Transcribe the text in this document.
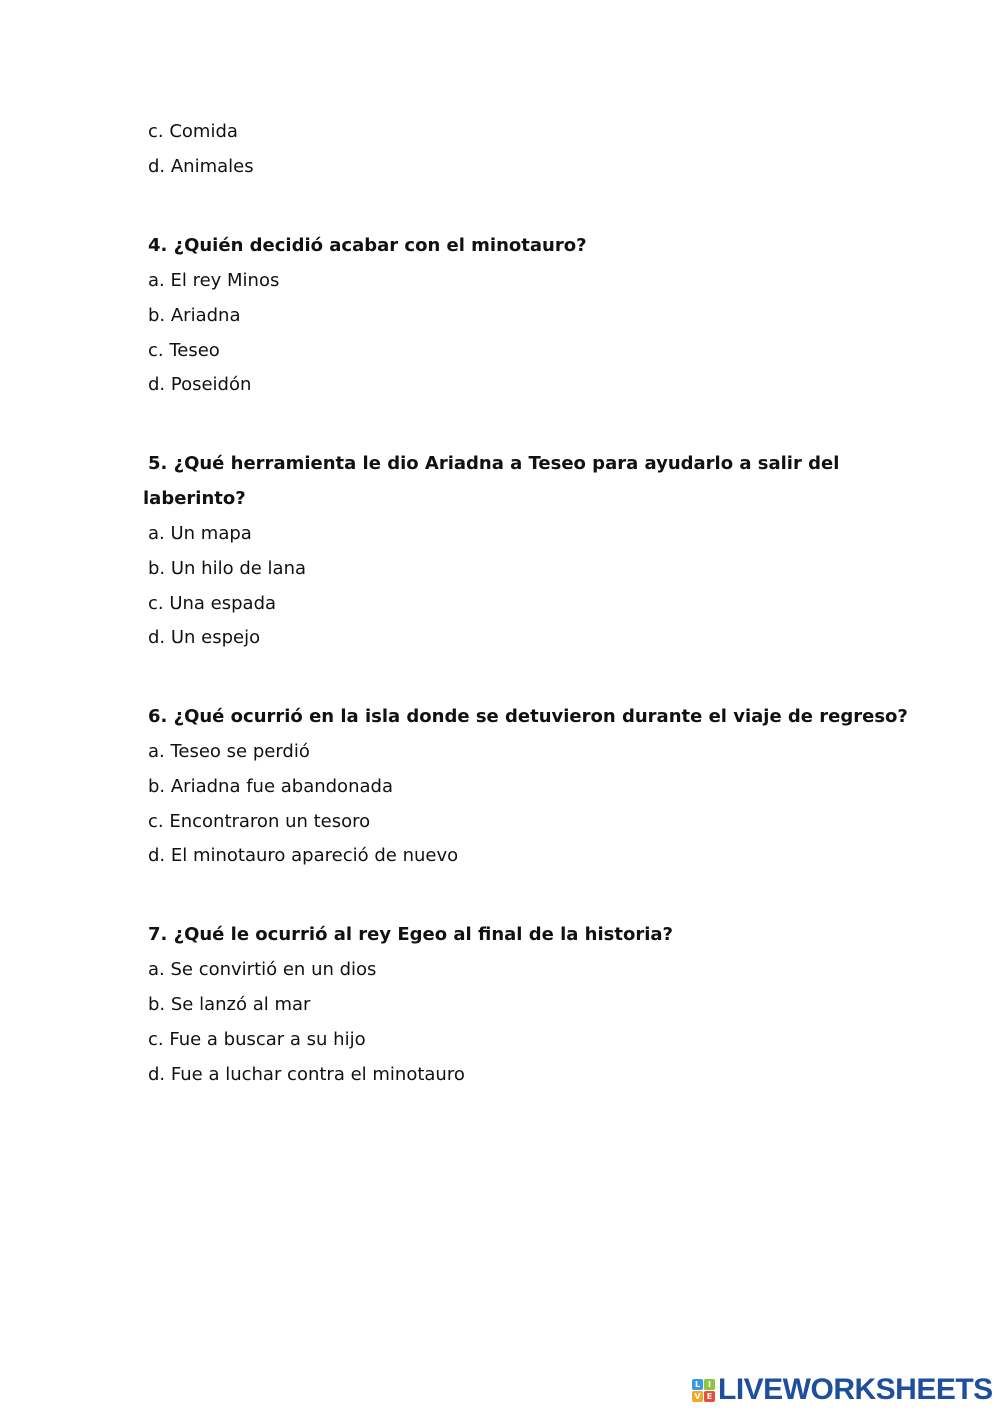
c. Comida
d. Animales
4. ¿Quién decidió acabar con el minotauro?
a. El rey Minos
b. Ariadna
c. Teseo
d. Poseidón
5. ¿Qué herramienta le dio Ariadna a Teseo para ayudarlo a salir del
laberinto?
a. Un mapa
b. Un hilo de lana
c. Una espada
d. Un espejo
6. ¿Qué ocurrió en la isla donde se detuvieron durante el viaje de regreso?
a. Teseo se perdió
b. Ariadna fue abandonada
c. Encontraron un tesoro
d. El minotauro apareció de nuevo
7. ¿Qué le ocurrió al rey Egeo al final de la historia?
a. Se convirtió en un dios
b. Se lanzó al mar
c. Fue a buscar a su hijo
d. Fue a luchar contra el minotauro
L I
V E LIVEWORKSHEETS
